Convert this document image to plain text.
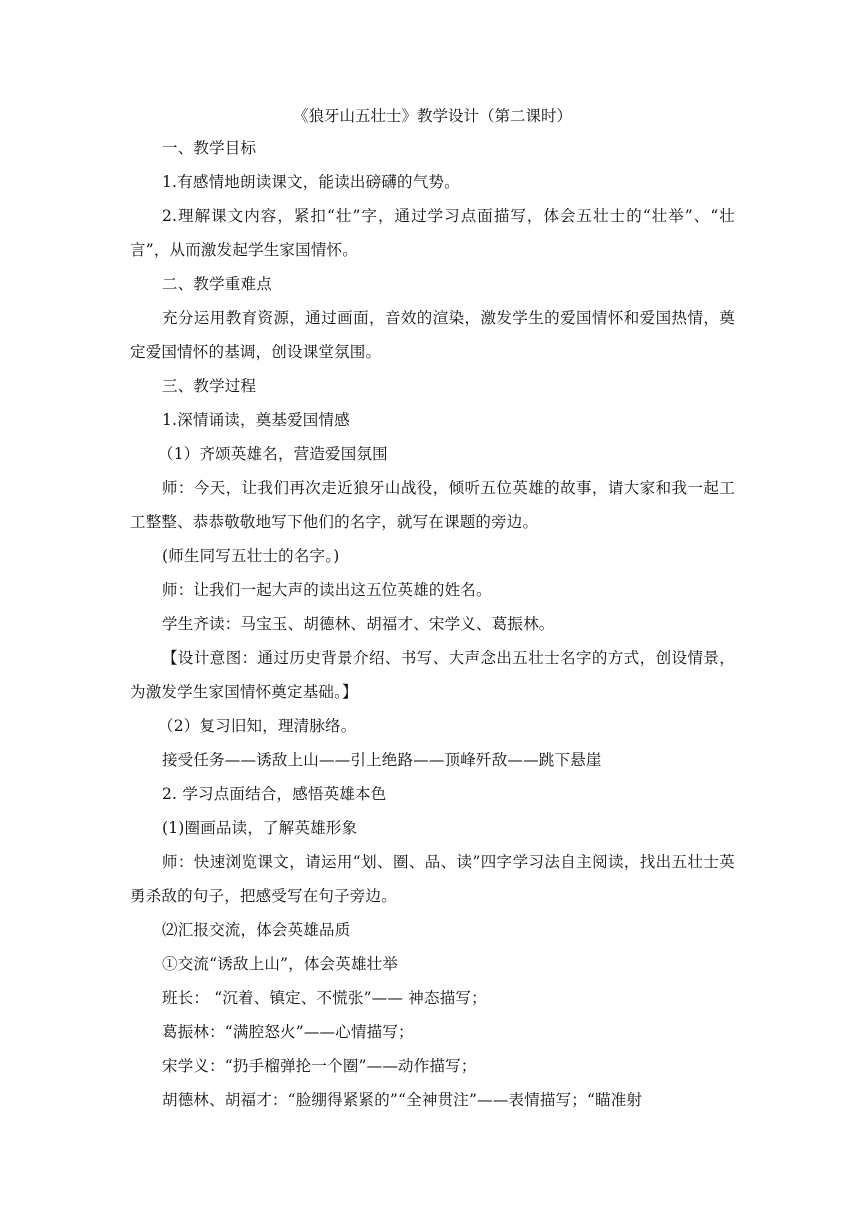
《狼牙山五壮士》教学设计（第二课时）
一、教学目标
1.有感情地朗读课文，能读出磅礴的气势。
2.理解课文内容，紧扣“壮”字，通过学习点面描写，体会五壮士的“壮举”、“壮言”，从而激发起学生家国情怀。
二、教学重难点
充分运用教育资源，通过画面，音效的渲染，激发学生的爱国情怀和爱国热情，奠定爱国情怀的基调，创设课堂氛围。
三、教学过程
1.深情诵读，奠基爱国情感
（1）齐颂英雄名，营造爱国氛围
师：今天，让我们再次走近狼牙山战役，倾听五位英雄的故事，请大家和我一起工工整整、恭恭敬敬地写下他们的名字，就写在课题的旁边。
(师生同写五壮士的名字。)
师：让我们一起大声的读出这五位英雄的姓名。
学生齐读：马宝玉、胡德林、胡福才、宋学义、葛振林。
【设计意图：通过历史背景介绍、书写、大声念出五壮士名字的方式，创设情景，为激发学生家国情怀奠定基础。】
（2）复习旧知，理清脉络。
接受任务——诱敌上山——引上绝路——顶峰歼敌——跳下悬崖
2. 学习点面结合，感悟英雄本色
(1)圈画品读，了解英雄形象
师：快速浏览课文，请运用“划、圈、品、读”四字学习法自主阅读，找出五壮士英勇杀敌的句子，把感受写在句子旁边。
⑵汇报交流，体会英雄品质
①交流“诱敌上山”，体会英雄壮举
班长： “沉着、镇定、不慌张”—— 神态描写；
葛振林：“满腔怒火”——心情描写；
宋学义：“扔手榴弹抡一个圈”——动作描写；
胡德林、胡福才：“脸绷得紧紧的”“全神贯注”——表情描写；“瞄准射
